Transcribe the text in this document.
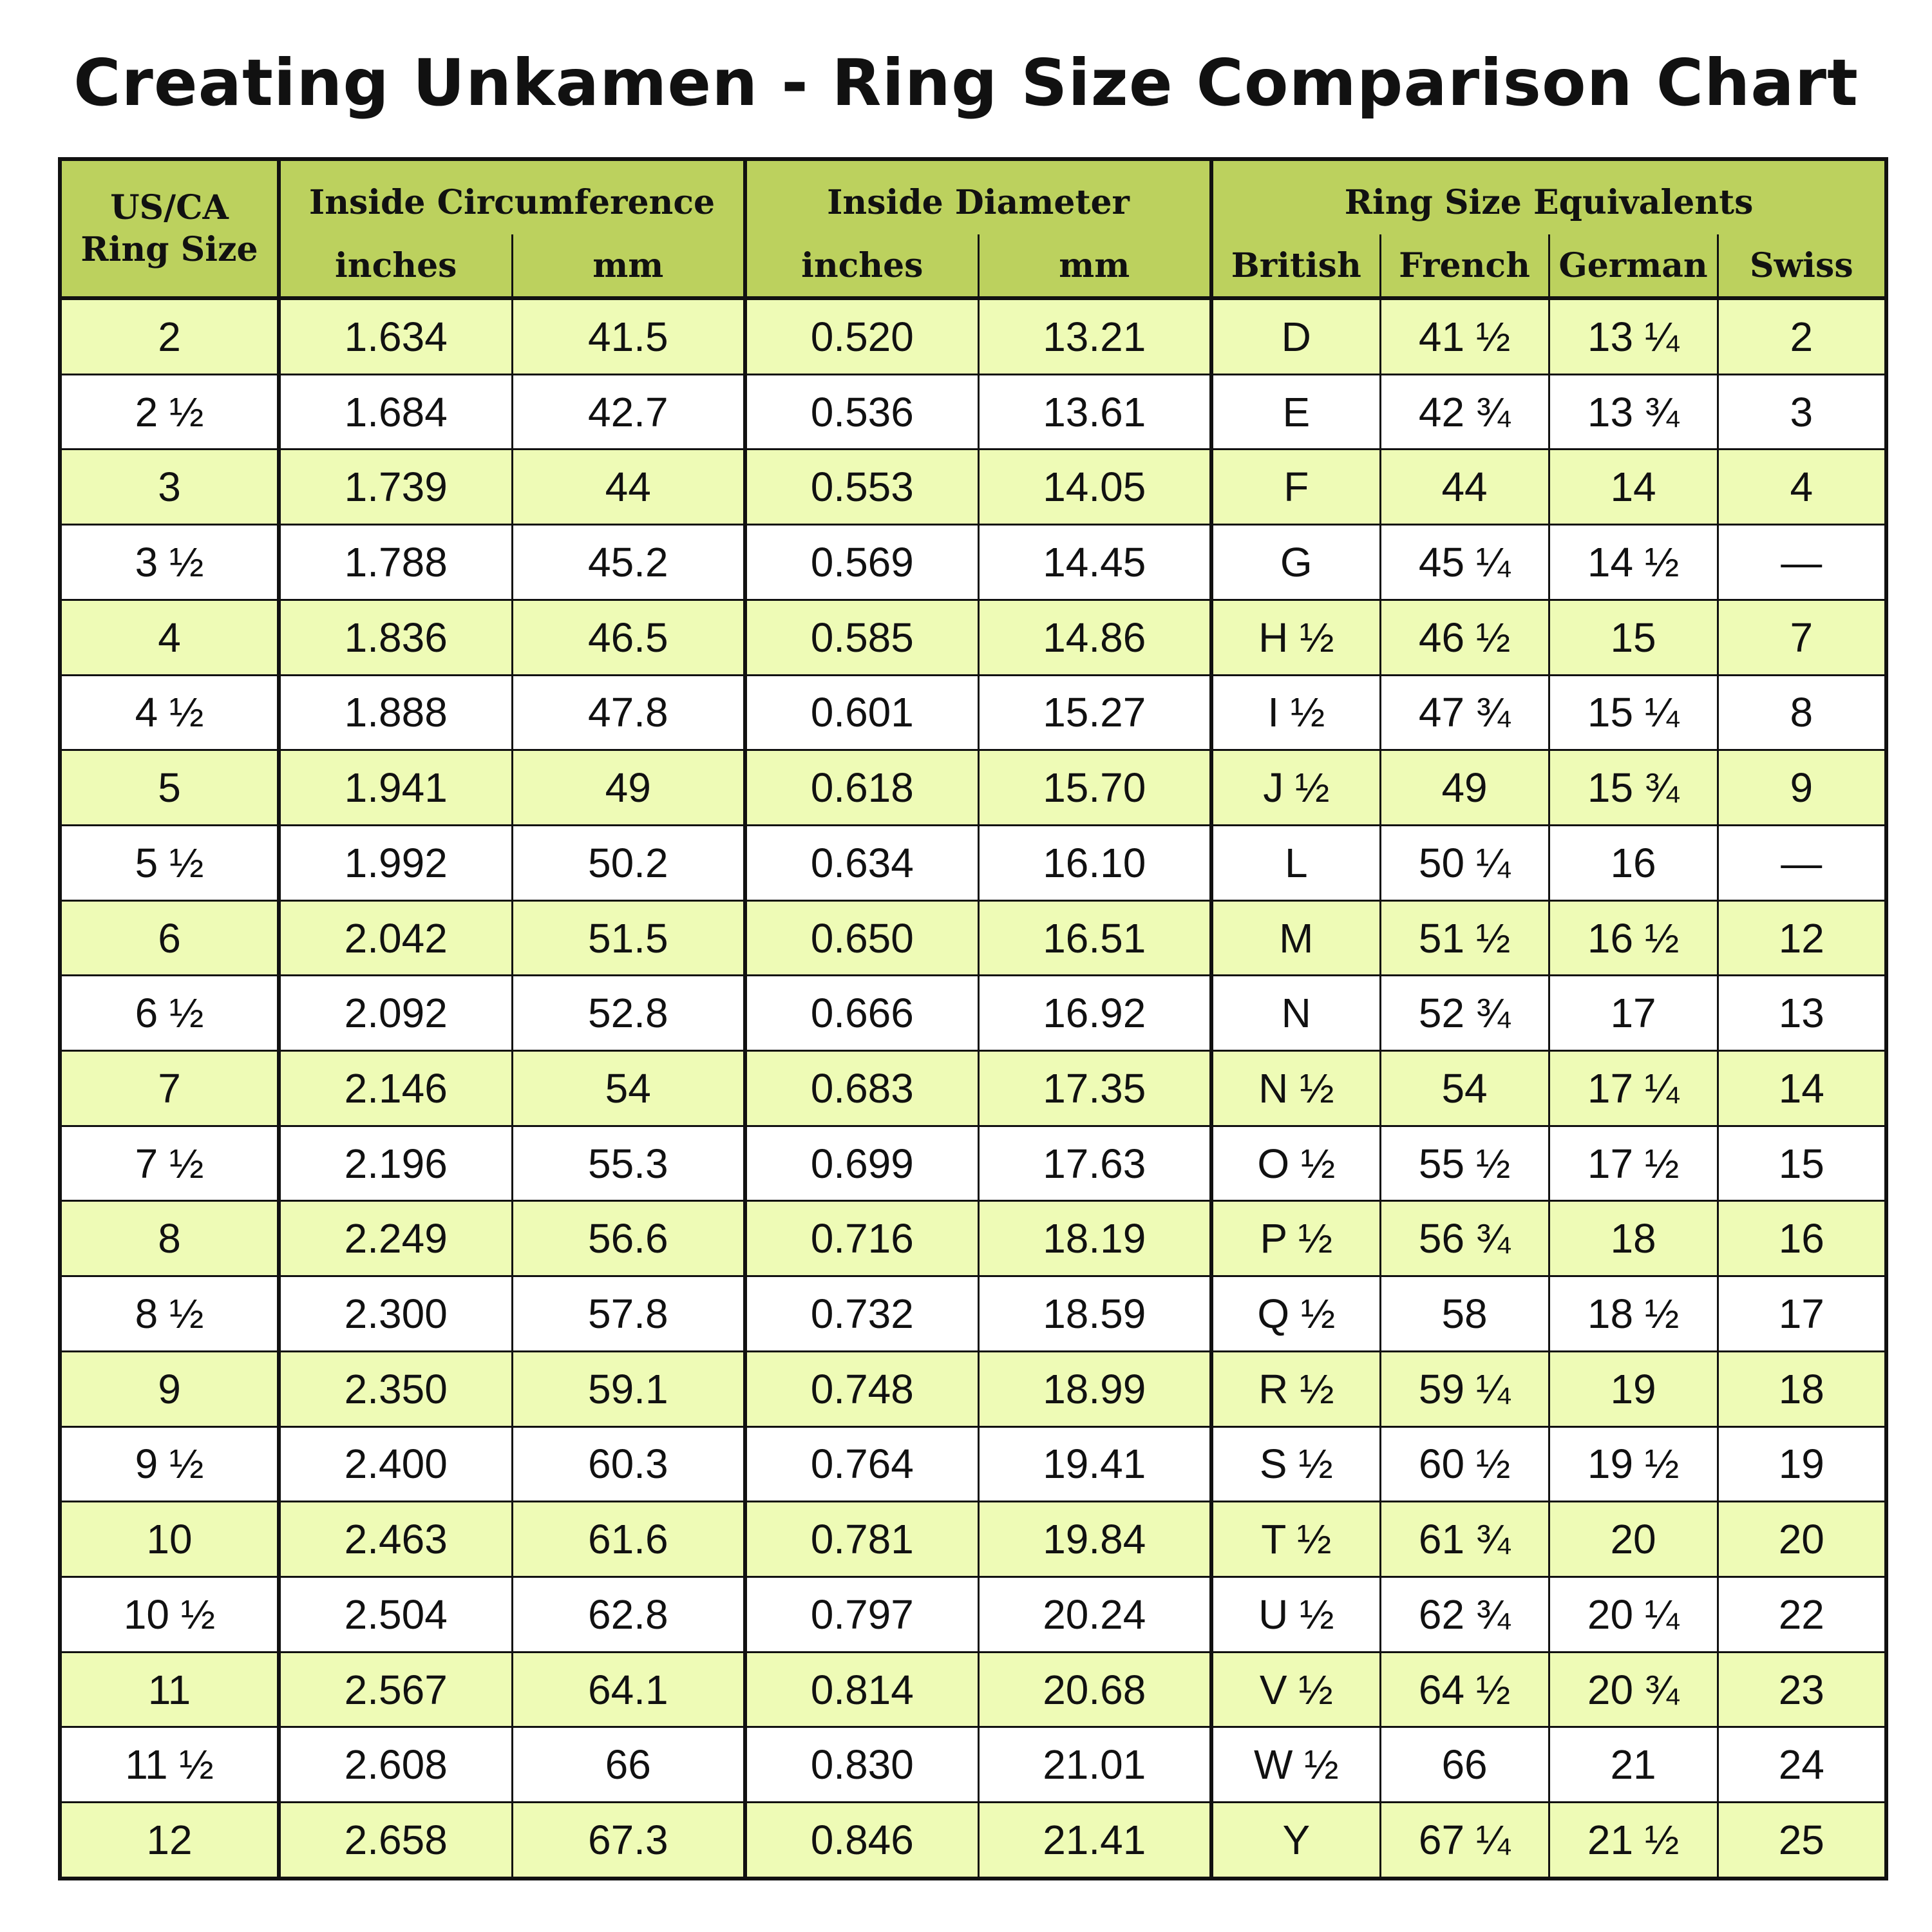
Creating Unkamen - Ring Size Comparison Chart
US/CA
Ring Size	Inside Circumference		Inside Diameter		Ring Size Equivalents			
	inches	mm	inches	mm	British	French	German	Swiss
2	1.634	41.5	0.520	13.21	D	41 ½	13 ¼	2
2 ½	1.684	42.7	0.536	13.61	E	42 ¾	13 ¾	3
3	1.739	44	0.553	14.05	F	44	14	4
3 ½	1.788	45.2	0.569	14.45	G	45 ¼	14 ½	—
4	1.836	46.5	0.585	14.86	H ½	46 ½	15	7
4 ½	1.888	47.8	0.601	15.27	I ½	47 ¾	15 ¼	8
5	1.941	49	0.618	15.70	J ½	49	15 ¾	9
5 ½	1.992	50.2	0.634	16.10	L	50 ¼	16	—
6	2.042	51.5	0.650	16.51	M	51 ½	16 ½	12
6 ½	2.092	52.8	0.666	16.92	N	52 ¾	17	13
7	2.146	54	0.683	17.35	N ½	54	17 ¼	14
7 ½	2.196	55.3	0.699	17.63	O ½	55 ½	17 ½	15
8	2.249	56.6	0.716	18.19	P ½	56 ¾	18	16
8 ½	2.300	57.8	0.732	18.59	Q ½	58	18 ½	17
9	2.350	59.1	0.748	18.99	R ½	59 ¼	19	18
9 ½	2.400	60.3	0.764	19.41	S ½	60 ½	19 ½	19
10	2.463	61.6	0.781	19.84	T ½	61 ¾	20	20
10 ½	2.504	62.8	0.797	20.24	U ½	62 ¾	20 ¼	22
11	2.567	64.1	0.814	20.68	V ½	64 ½	20 ¾	23
11 ½	2.608	66	0.830	21.01	W ½	66	21	24
12	2.658	67.3	0.846	21.41	Y	67 ¼	21 ½	25
